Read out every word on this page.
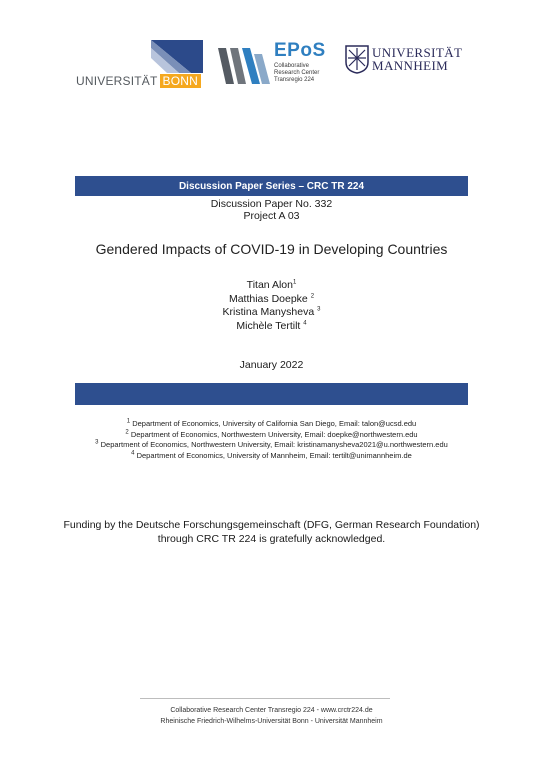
UNIVERSITÄT BONN
EPoS
Collaborative Research Center Transregio 224
UNIVERSITÄT
MANNHEIM
Discussion Paper Series – CRC TR 224
Discussion Paper No. 332
Project A 03
Gendered Impacts of COVID-19 in Developing Countries
Titan Alon$^1$
Matthias Doepke $^2$
Kristina Manysheva $^3$
Michèle Tertilt $^4$
January 2022
$^1$ Department of Economics, University of California San Diego, Email: talon@ucsd.edu
$^2$ Department of Economics, Northwestern University, Email: doepke@northwestern.edu
$^3$ Department of Economics, Northwestern University, Email: kristinamanysheva2021@u.northwestern.edu
$^4$ Department of Economics, University of Mannheim, Email: tertilt@unimannheim.de
Funding by the Deutsche Forschungsgemeinschaft (DFG, German Research Foundation)
through CRC TR 224 is gratefully acknowledged.
Collaborative Research Center Transregio 224 - www.crctr224.de
Rheinische Friedrich-Wilhelms-Universität Bonn - Universität Mannheim
